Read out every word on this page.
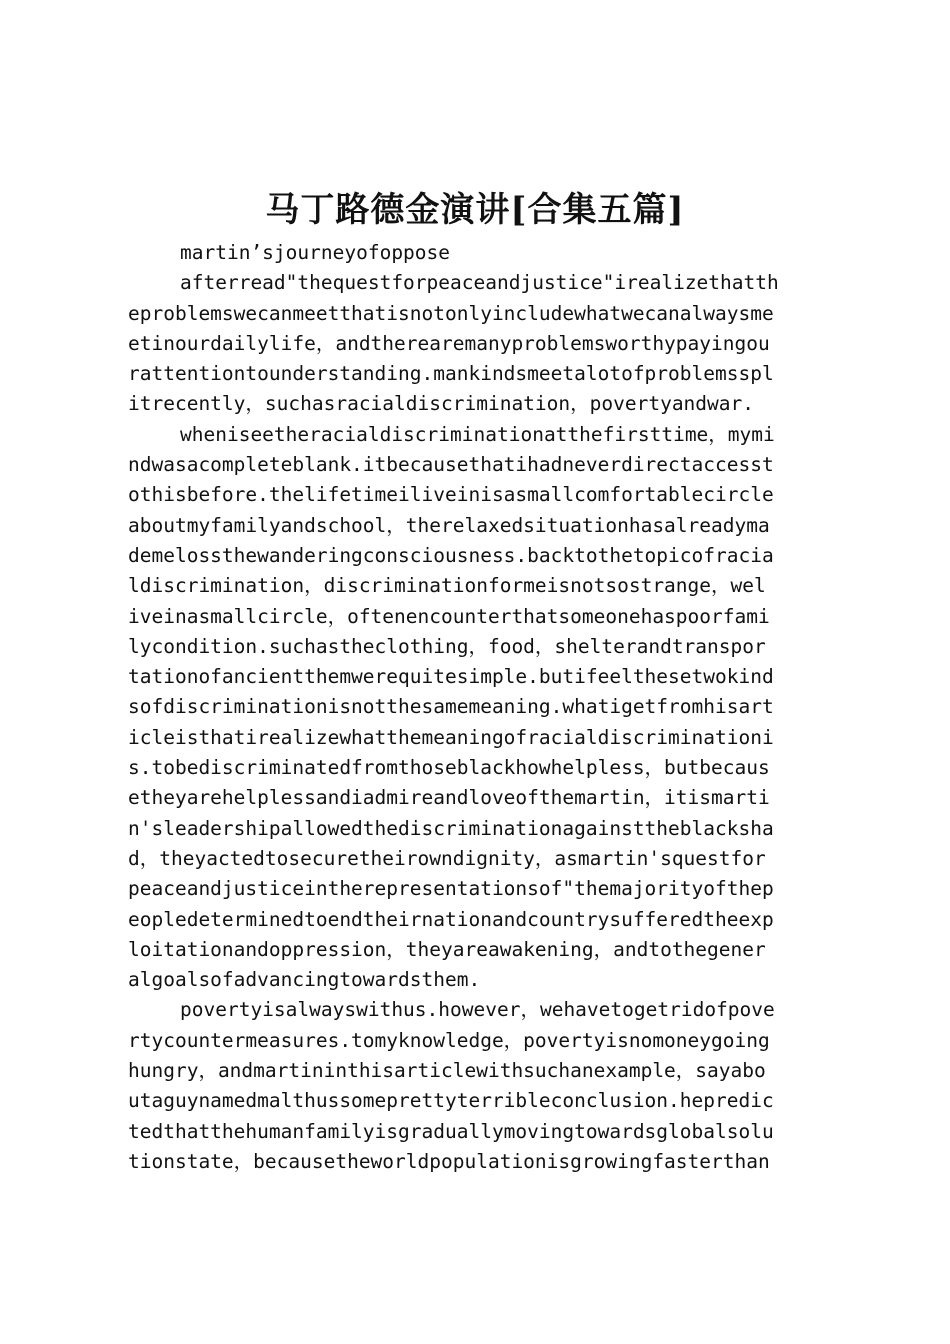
马丁路德金演讲[合集五篇]
martin’sjourneyofoppose
afterread"thequestforpeaceandjustice"irealizethatth
eproblemswecanmeetthatisnotonlyincludewhatwecanalwaysme
etinourdailylife，andtherearemanyproblemsworthypayingou
rattentiontounderstanding.mankindsmeetalotofproblemsspl
itrecently，suchasracialdiscrimination，povertyandwar.
wheniseetheracialdiscriminationatthefirsttime，mymi
ndwasacompleteblank.itbecausethatihadneverdirectaccesst
othisbefore.thelifetimeiliveinisasmallcomfortablecircle
aboutmyfamilyandschool，therelaxedsituationhasalreadyma
demelossthewanderingconsciousness.backtothetopicofracia
ldiscrimination，discriminationformeisnotsostrange，wel
iveinasmallcircle，oftenencounterthatsomeonehaspoorfami
lycondition.suchastheclothing，food，shelterandtranspor
tationofancientthemwerequitesimple.butifeelthesetwokind
sofdiscriminationisnotthesamemeaning.whatigetfromhisart
icleisthatirealizewhatthemeaningofracialdiscriminationi
s.tobediscriminatedfromthoseblackhowhelpless，butbecaus
etheyarehelplessandiadmireandloveofthemartin，itismarti
n'sleadershipallowedthediscriminationagainsttheblacksha
d，theyactedtosecuretheirowndignity，asmartin'squestfor
peaceandjusticeintherepresentationsof"themajorityofthep
eopledeterminedtoendtheirnationandcountrysufferedtheexp
loitationandoppression，theyareawakening，andtothegener
algoalsofadvancingtowardsthem.
povertyisalwayswithus.however，wehavetogetridofpove
rtycountermeasures.tomyknowledge，povertyisnomoneygoing
hungry，andmartininthisarticlewithsuchanexample，sayabo
utaguynamedmalthussomeprettyterribleconclusion.hepredic
tedthatthehumanfamilyisgraduallymovingtowardsglobalsolu
tionstate，becausetheworldpopulationisgrowingfasterthan
